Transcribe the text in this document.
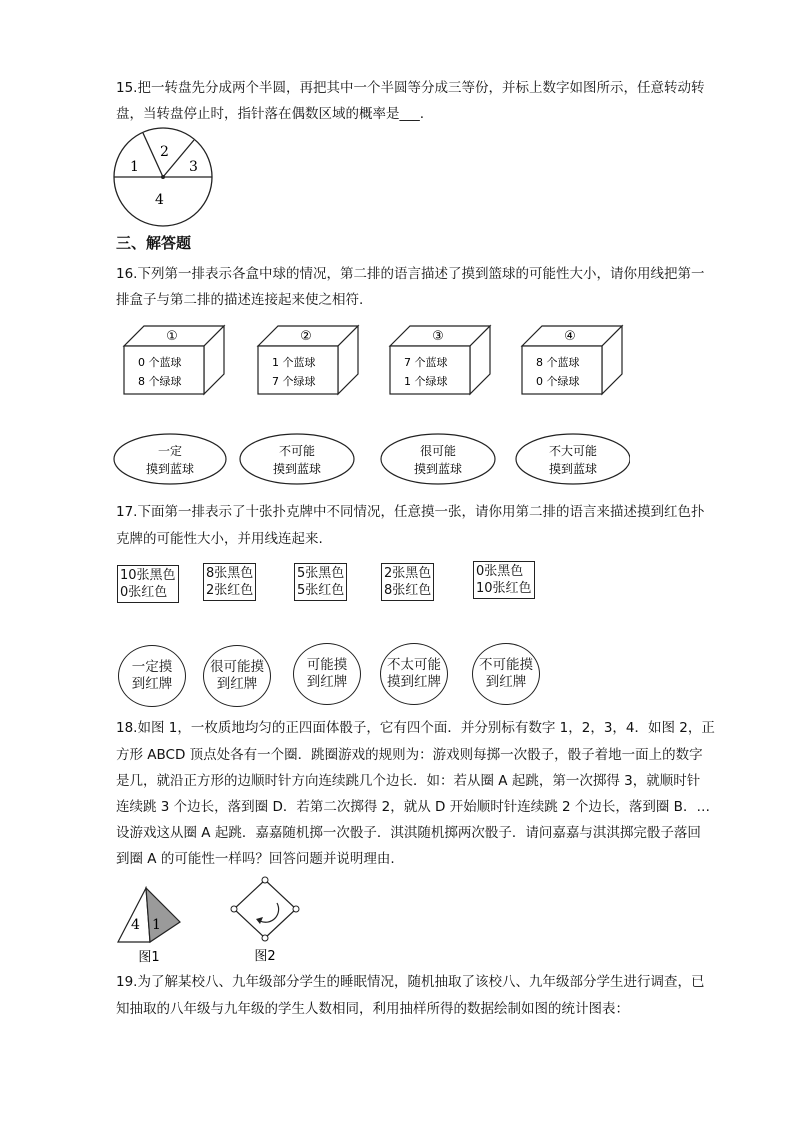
15.把一转盘先分成两个半圆，再把其中一个半圆等分成三等份，并标上数字如图所示，任意转动转
盘，当转盘停止时，指针落在偶数区域的概率是___.
1
2
3
4
三、解答题
16.下列第一排表示各盒中球的情况，第二排的语言描述了摸到篮球的可能性大小，请你用线把第一
排盒子与第二排的描述连接起来使之相符.
①
0 个蓝球
8 个绿球
②
1 个蓝球
7 个绿球
③
7 个蓝球
1 个绿球
④
8 个蓝球
0 个绿球
一定
摸到蓝球
不可能
摸到蓝球
很可能
摸到蓝球
不大可能
摸到蓝球
17.下面第一排表示了十张扑克牌中不同情况，任意摸一张，请你用第二排的语言来描述摸到红色扑
克牌的可能性大小，并用线连起来.
10张黑色
0张红色
8张黑色
2张红色
5张黑色
5张红色
2张黑色
8张红色
0张黑色
10张红色
一定摸
到红牌
很可能摸
到红牌
可能摸
到红牌
不太可能
摸到红牌
不可能摸
到红牌
18.如图 1，一枚质地均匀的正四面体骰子，它有四个面．并分别标有数字 1，2，3，4．如图 2，正
方形 ABCD 顶点处各有一个圈．跳圈游戏的规则为：游戏则每掷一次骰子，骰子着地一面上的数字
是几，就沿正方形的边顺时针方向连续跳几个边长．如：若从圈 A 起跳，第一次掷得 3，就顺时针
连续跳 3 个边长，落到圈 D．若第二次掷得 2，就从 D 开始顺时针连续跳 2 个边长，落到圈 B．…
设游戏这从圈 A 起跳．嘉嘉随机掷一次骰子．淇淇随机掷两次骰子．请问嘉嘉与淇淇掷完骰子落回
到圈 A 的可能性一样吗？回答问题并说明理由.
4 1
图1	图2
19.为了解某校八、九年级部分学生的睡眠情况，随机抽取了该校八、九年级部分学生进行调查，已
知抽取的八年级与九年级的学生人数相同，利用抽样所得的数据绘制如图的统计图表：
